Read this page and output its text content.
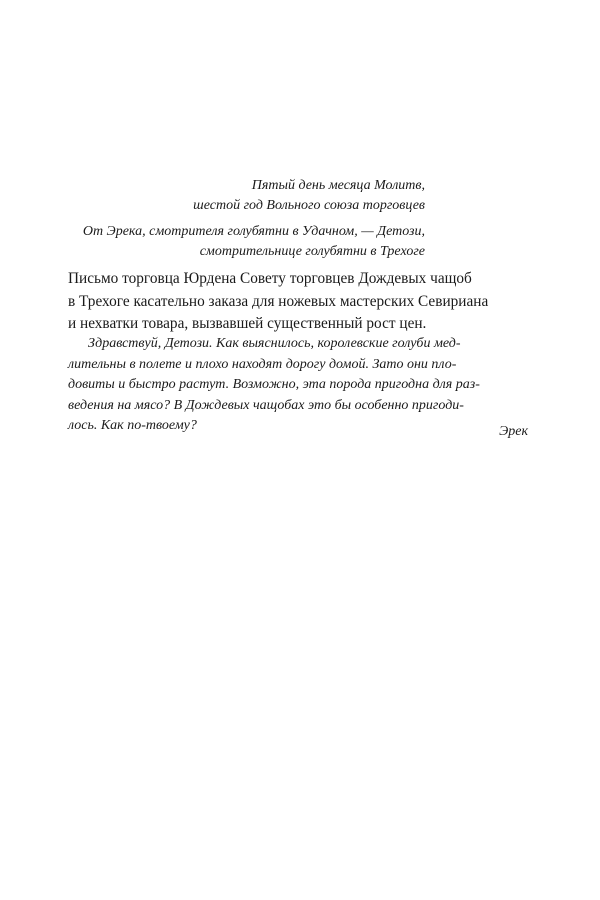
Пятый день месяца Молитв,
шестой год Вольного союза торговцев
От Эрека, смотрителя голубятни в Удачном, — Детози,
смотрительнице голубятни в Трехоге
Письмо торговца Юрдена Совету торговцев Дождевых чащоб
в Трехоге касательно заказа для ножевых мастерских Севириана
и нехватки товара, вызвавшей существенный рост цен.
Здравствуй, Детози. Как выяснилось, королевские голуби мед-
лительны в полете и плохо находят дорогу домой. Зато они пло-
довиты и быстро растут. Возможно, эта порода пригодна для раз-
ведения на мясо? В Дождевых чащобах это бы особенно пригоди-
лось. Как по-твоему?	Эрек
